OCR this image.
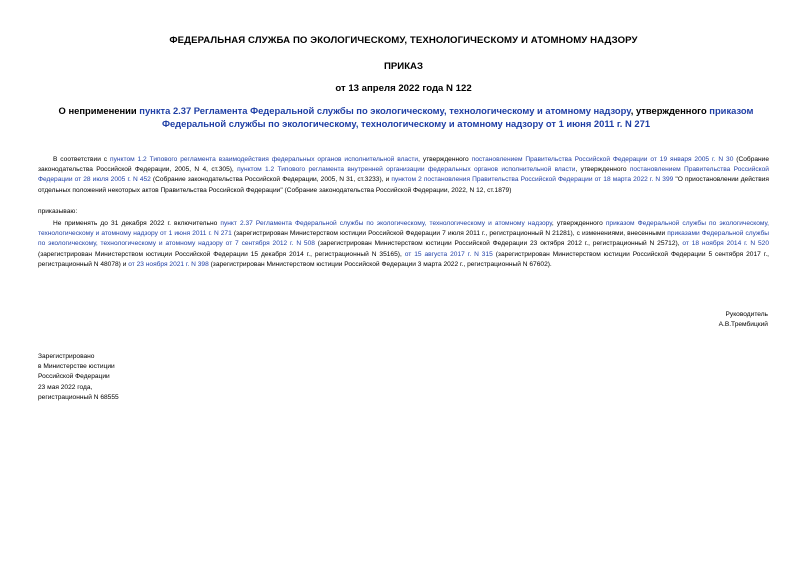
ФЕДЕРАЛЬНАЯ СЛУЖБА ПО ЭКОЛОГИЧЕСКОМУ, ТЕХНОЛОГИЧЕСКОМУ И АТОМНОМУ НАДЗОРУ
ПРИКАЗ
от 13 апреля 2022 года N 122
О неприменении пункта 2.37 Регламента Федеральной службы по экологическому, технологическому и атомному надзору, утвержденного приказом Федеральной службы по экологическому, технологическому и атомному надзору от 1 июня 2011 г. N 271

В соответствии с пунктом 1.2 Типового регламента взаимодействия федеральных органов исполнительной власти, утвержденного постановлением Правительства Российской Федерации от 19 января 2005 г. N 30 (Собрание законодательства Российской Федерации, 2005, N 4, ст.305), пунктом 1.2 Типового регламента внутренней организации федеральных органов исполнительной власти, утвержденного постановлением Правительства Российской Федерации от 28 июля 2005 г. N 452 (Собрание законодательства Российской Федерации, 2005, N 31, ст.3233), и пунктом 2 постановления Правительства Российской Федерации от 18 марта 2022 г. N 399 "О приостановлении действия отдельных положений некоторых актов Правительства Российской Федерации" (Собрание законодательства Российской Федерации, 2022, N 12, ст.1879)

приказываю:

Не применять до 31 декабря 2022 г. включительно пункт 2.37 Регламента Федеральной службы по экологическому, технологическому и атомному надзору, утвержденного приказом Федеральной службы по экологическому, технологическому и атомному надзору от 1 июня 2011 г. N 271 (зарегистрирован Министерством юстиции Российской Федерации 7 июля 2011 г., регистрационный N 21281), с изменениями, внесенными приказами Федеральной службы по экологическому, технологическому и атомному надзору от 7 сентября 2012 г. N 508 (зарегистрирован Министерством юстиции Российской Федерации 23 октября 2012 г., регистрационный N 25712), от 18 ноября 2014 г. N 520 (зарегистрирован Министерством юстиции Российской Федерации 15 декабря 2014 г., регистрационный N 35165), от 15 августа 2017 г. N 315 (зарегистрирован Министерством юстиции Российской Федерации 5 сентября 2017 г., регистрационный N 48078) и от 23 ноября 2021 г. N 398 (зарегистрирован Министерством юстиции Российской Федерации 3 марта 2022 г., регистрационный N 67602).

Руководитель
А.В.Трембицкий
Зарегистрировано
в Министерстве юстиции
Российской Федерации
23 мая 2022 года,
регистрационный N 68555
